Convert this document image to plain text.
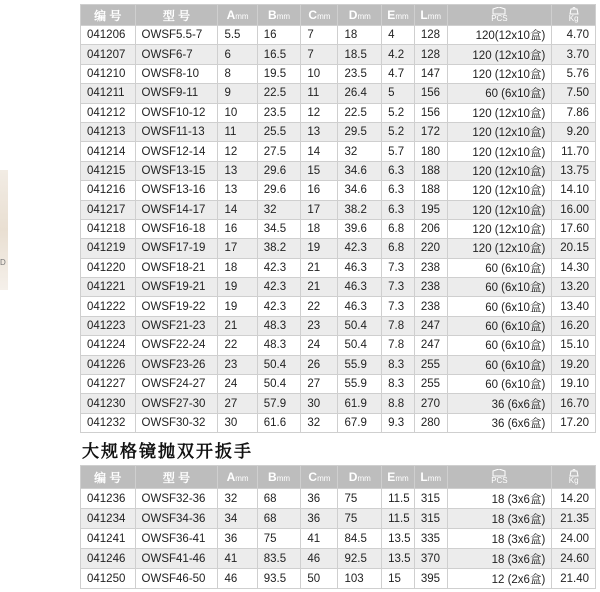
D
编 号	型 号	Amm	Bmm	Cmm	Dmm	Emm	Lmm	PCS	Kg

041206	OWSF5.5-7	5.5	16	7	18	4	128	120(12x10盒)	4.70
041207	OWSF6-7	6	16.5	7	18.5	4.2	128	120 (12x10盒)	3.70
041210	OWSF8-10	8	19.5	10	23.5	4.7	147	120 (12x10盒)	5.76
041211	OWSF9-11	9	22.5	11	26.4	5	156	60 (6x10盒)	7.50
041212	OWSF10-12	10	23.5	12	22.5	5.2	156	120 (12x10盒)	7.86
041213	OWSF11-13	11	25.5	13	29.5	5.2	172	120 (12x10盒)	9.20
041214	OWSF12-14	12	27.5	14	32	5.7	180	120 (12x10盒)	11.70
041215	OWSF13-15	13	29.6	15	34.6	6.3	188	120 (12x10盒)	13.75
041216	OWSF13-16	13	29.6	16	34.6	6.3	188	120 (12x10盒)	14.10
041217	OWSF14-17	14	32	17	38.2	6.3	195	120 (12x10盒)	16.00
041218	OWSF16-18	16	34.5	18	39.6	6.8	206	120 (12x10盒)	17.60
041219	OWSF17-19	17	38.2	19	42.3	6.8	220	120 (12x10盒)	20.15
041220	OWSF18-21	18	42.3	21	46.3	7.3	238	60 (6x10盒)	14.30
041221	OWSF19-21	19	42.3	21	46.3	7.3	238	60 (6x10盒)	13.20
041222	OWSF19-22	19	42.3	22	46.3	7.3	238	60 (6x10盒)	13.40
041223	OWSF21-23	21	48.3	23	50.4	7.8	247	60 (6x10盒)	16.20
041224	OWSF22-24	22	48.3	24	50.4	7.8	247	60 (6x10盒)	15.10
041226	OWSF23-26	23	50.4	26	55.9	8.3	255	60 (6x10盒)	19.20
041227	OWSF24-27	24	50.4	27	55.9	8.3	255	60 (6x10盒)	19.10
041230	OWSF27-30	27	57.9	30	61.9	8.8	270	36 (6x6盒)	16.70
041232	OWSF30-32	30	61.6	32	67.9	9.3	280	36 (6x6盒)	17.20
大规格镜抛双开扳手
编 号	型 号	Amm	Bmm	Cmm	Dmm	Emm	Lmm	PCS	Kg

041236	OWSF32-36	32	68	36	75	11.5	315	18 (3x6盒)	14.20
041234	OWSF34-36	34	68	36	75	11.5	315	18 (3x6盒)	21.35
041241	OWSF36-41	36	75	41	84.5	13.5	335	18 (3x6盒)	24.00
041246	OWSF41-46	41	83.5	46	92.5	13.5	370	18 (3x6盒)	24.60
041250	OWSF46-50	46	93.5	50	103	15	395	12 (2x6盒)	21.40
